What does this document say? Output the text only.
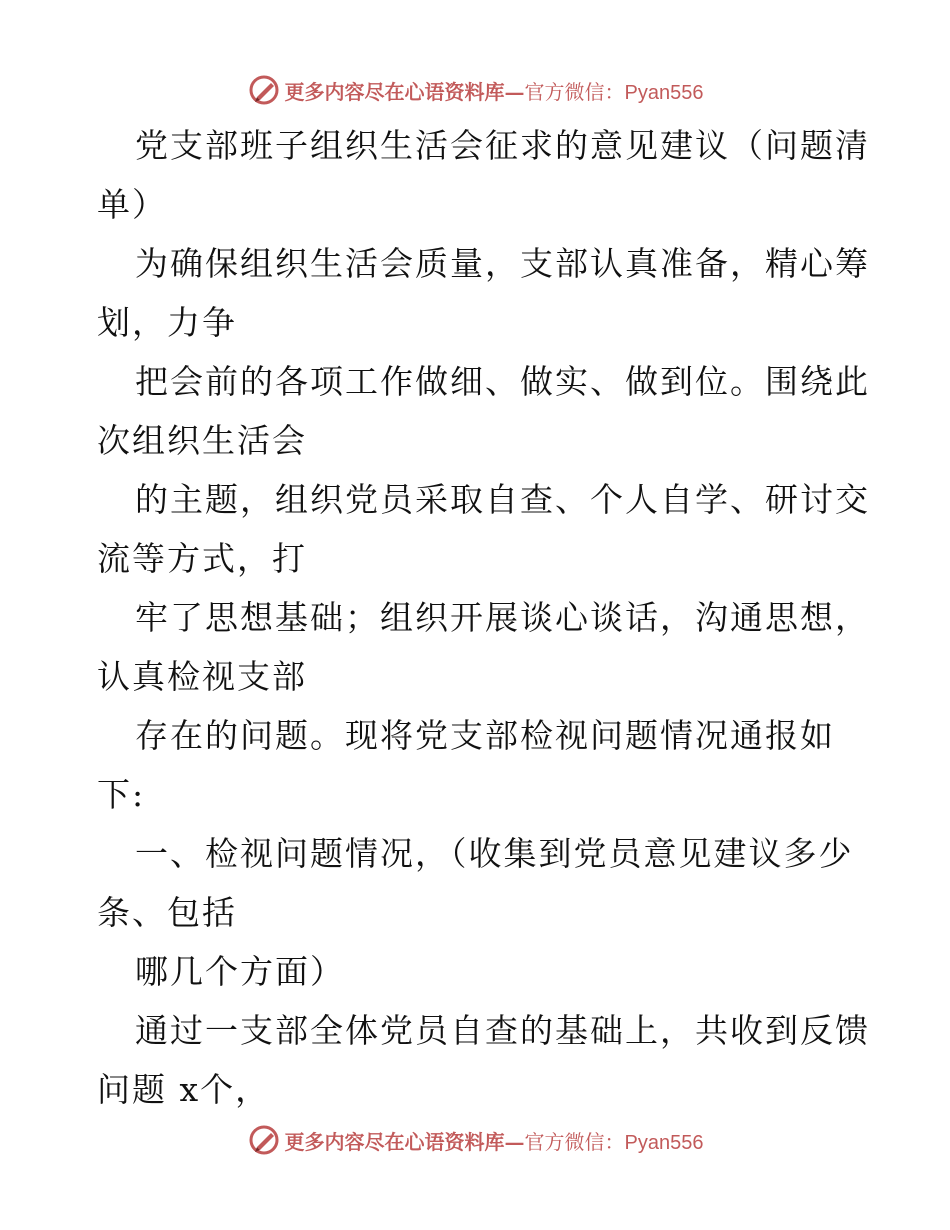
更多内容尽在心语资料库— 官方微信：Pyan556
党支部班子组织生活会征求的意见建议（问题清
单）
为确保组织生活会质量，支部认真准备，精心筹
划，力争
把会前的各项工作做细、做实、做到位。围绕此
次组织生活会
的主题，组织党员采取自查、个人自学、研讨交
流等方式，打
牢了思想基础；组织开展谈心谈话，沟通思想，
认真检视支部
存在的问题。现将党支部检视问题情况通报如
下:
一、检视问题情况，（收集到党员意见建议多少
条、包括
哪几个方面）
通过一支部全体党员自查的基础上，共收到反馈
问题 x个，
更多内容尽在心语资料库— 官方微信：Pyan556
